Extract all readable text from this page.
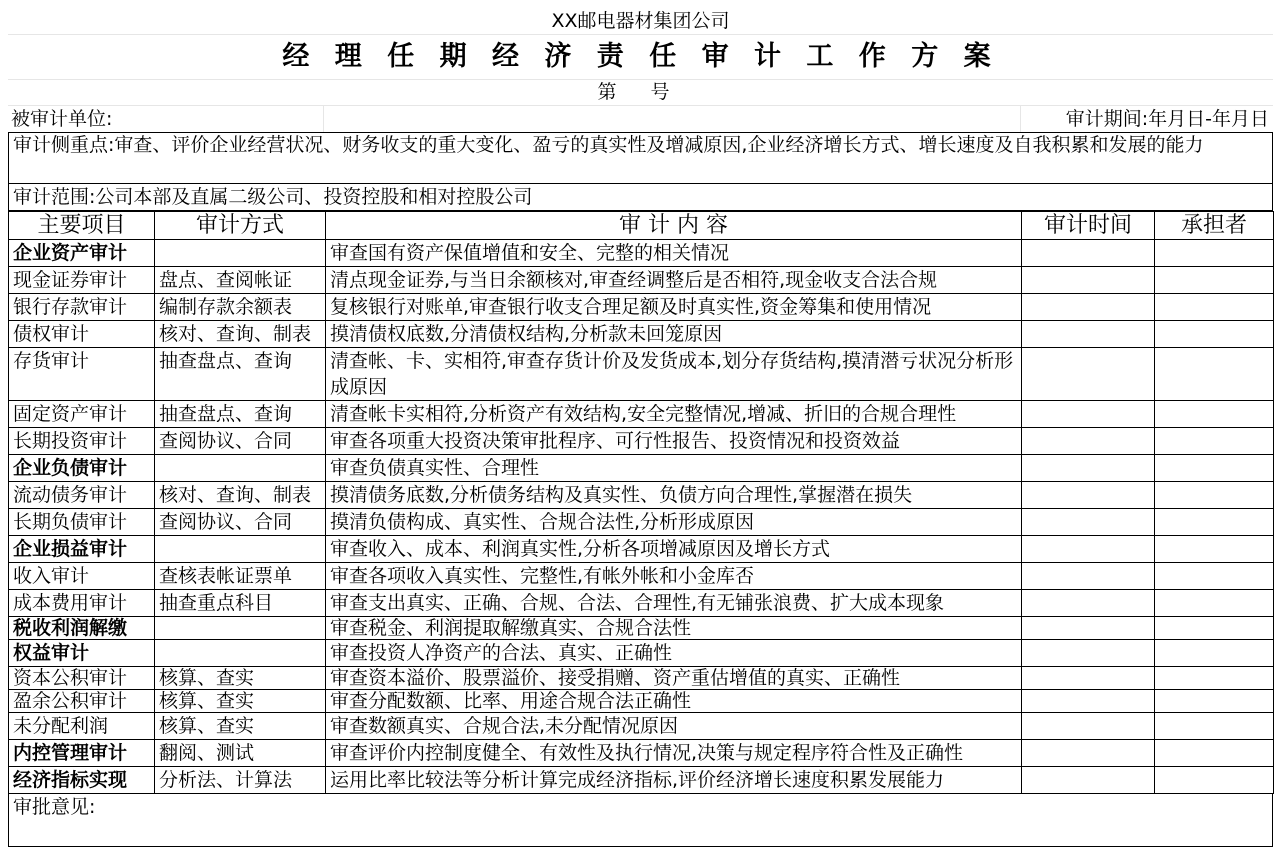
XX邮电器材集团公司
经 理 任 期 经 济 责 任 审 计 工 作 方 案
第 号
被审计单位:	审计期间:年月日-年月日
审计侧重点:审查、评价企业经营状况、财务收支的重大变化、盈亏的真实性及增减原因,企业经济增长方式、增长速度及自我积累和发展的能力
审计范围:公司本部及直属二级公司、投资控股和相对控股公司
主要项目	审计方式	审 计 内 容	审计时间	承担者
企业资产审计		审查国有资产保值增值和安全、完整的相关情况		
现金证券审计	盘点、查阅帐证	清点现金证券,与当日余额核对,审查经调整后是否相符,现金收支合法合规		
银行存款审计	编制存款余额表	复核银行对账单,审查银行收支合理足额及时真实性,资金筹集和使用情况		
债权审计	核对、查询、制表	摸清债权底数,分清债权结构,分析款未回笼原因		
存货审计	抽查盘点、查询	清查帐、卡、实相符,审查存货计价及发货成本,划分存货结构,摸清潜亏状况分析形成原因		
固定资产审计	抽查盘点、查询	清查帐卡实相符,分析资产有效结构,安全完整情况,增减、折旧的合规合理性		
长期投资审计	查阅协议、合同	审查各项重大投资决策审批程序、可行性报告、投资情况和投资效益		
企业负债审计		审查负债真实性、合理性		
流动债务审计	核对、查询、制表	摸清债务底数,分析债务结构及真实性、负债方向合理性,掌握潜在损失		
长期负债审计	查阅协议、合同	摸清负债构成、真实性、合规合法性,分析形成原因		
企业损益审计		审查收入、成本、利润真实性,分析各项增减原因及增长方式		
收入审计	查核表帐证票单	审查各项收入真实性、完整性,有帐外帐和小金库否		
成本费用审计	抽查重点科目	审查支出真实、正确、合规、合法、合理性,有无铺张浪费、扩大成本现象		
税收利润解缴		审查税金、利润提取解缴真实、合规合法性		
权益审计		审查投资人净资产的合法、真实、正确性		
资本公积审计	核算、查实	审查资本溢价、股票溢价、接受捐赠、资产重估增值的真实、正确性		
盈余公积审计	核算、查实	审查分配数额、比率、用途合规合法正确性		
未分配利润	核算、查实	审查数额真实、合规合法,未分配情况原因		
内控管理审计	翻阅、测试	审查评价内控制度健全、有效性及执行情况,决策与规定程序符合性及正确性		
经济指标实现	分析法、计算法	运用比率比较法等分析计算完成经济指标,评价经济增长速度积累发展能力		
审批意见:
